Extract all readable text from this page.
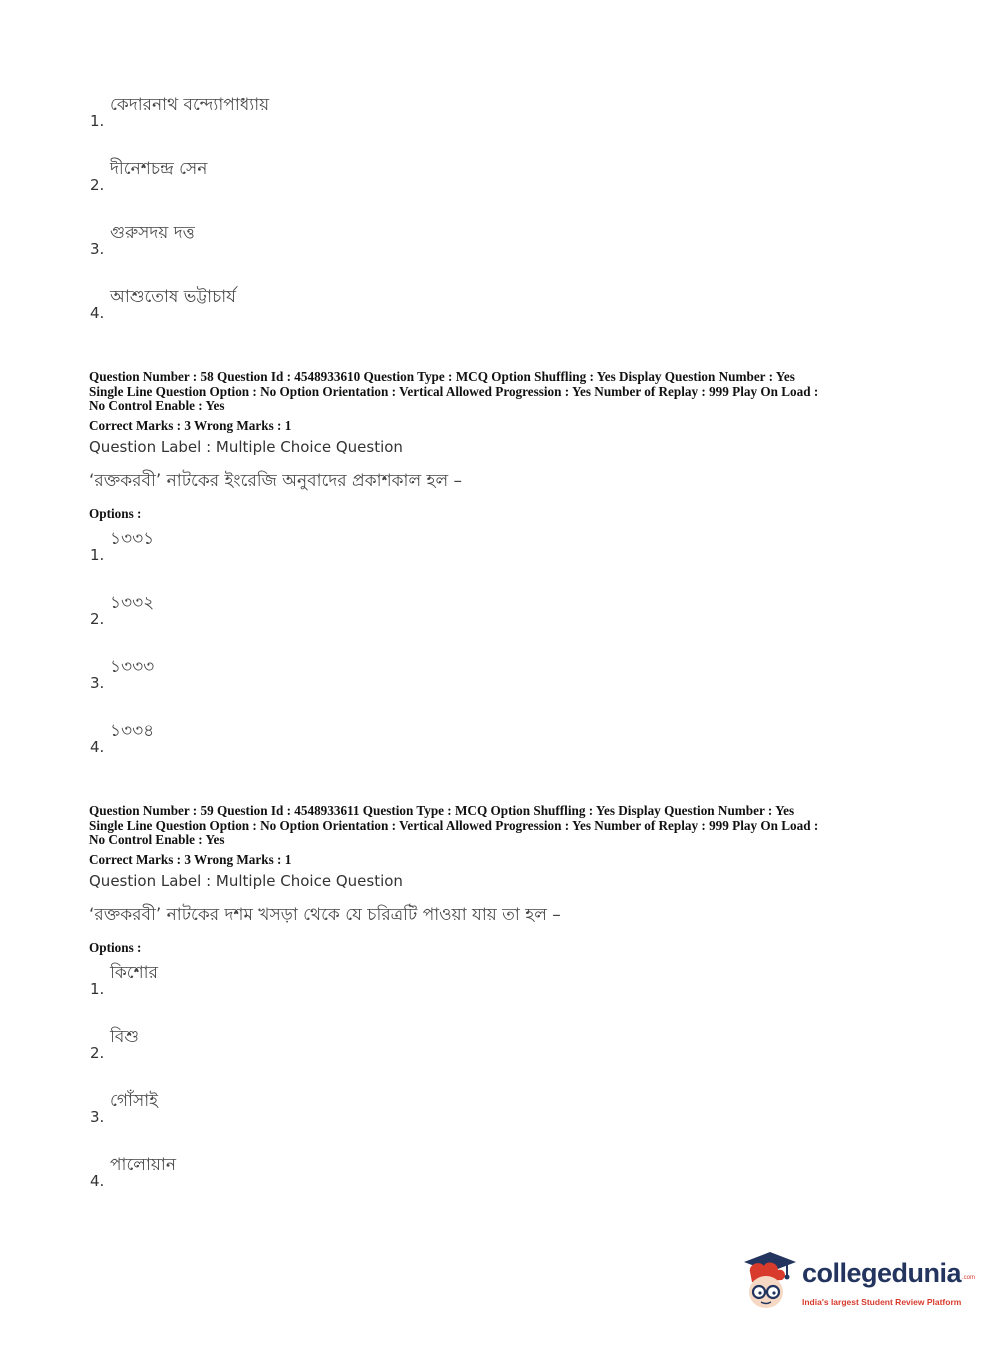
1.
কেদারনাথ বন্দ্যোপাধ্যায়
2.
দীনেশচন্দ্র সেন
3.
গুরুসদয় দত্ত
4.
আশুতোষ ভট্টাচার্য
Question Number : 58 Question Id : 4548933610 Question Type : MCQ Option Shuffling : Yes Display Question Number : Yes
Single Line Question Option : No Option Orientation : Vertical Allowed Progression : Yes Number of Replay : 999 Play On Load :
No Control Enable : Yes
Correct Marks : 3 Wrong Marks : 1
Question Label : Multiple Choice Question
‘রক্তকরবী’ নাটকের ইংরেজি অনুবাদের প্রকাশকাল হল –
Options :
1.
১৩৩১
2.
১৩৩২
3.
১৩৩৩
4.
১৩৩৪
Question Number : 59 Question Id : 4548933611 Question Type : MCQ Option Shuffling : Yes Display Question Number : Yes
Single Line Question Option : No Option Orientation : Vertical Allowed Progression : Yes Number of Replay : 999 Play On Load :
No Control Enable : Yes
Correct Marks : 3 Wrong Marks : 1
Question Label : Multiple Choice Question
‘রক্তকরবী’ নাটকের দশম খসড়া থেকে যে চরিত্রটি পাওয়া যায় তা হল –
Options :
1.
কিশোর
2.
বিশু
3.
গোঁসাই
4.
পালোয়ান
collegedunia .com
India's largest Student Review Platform
